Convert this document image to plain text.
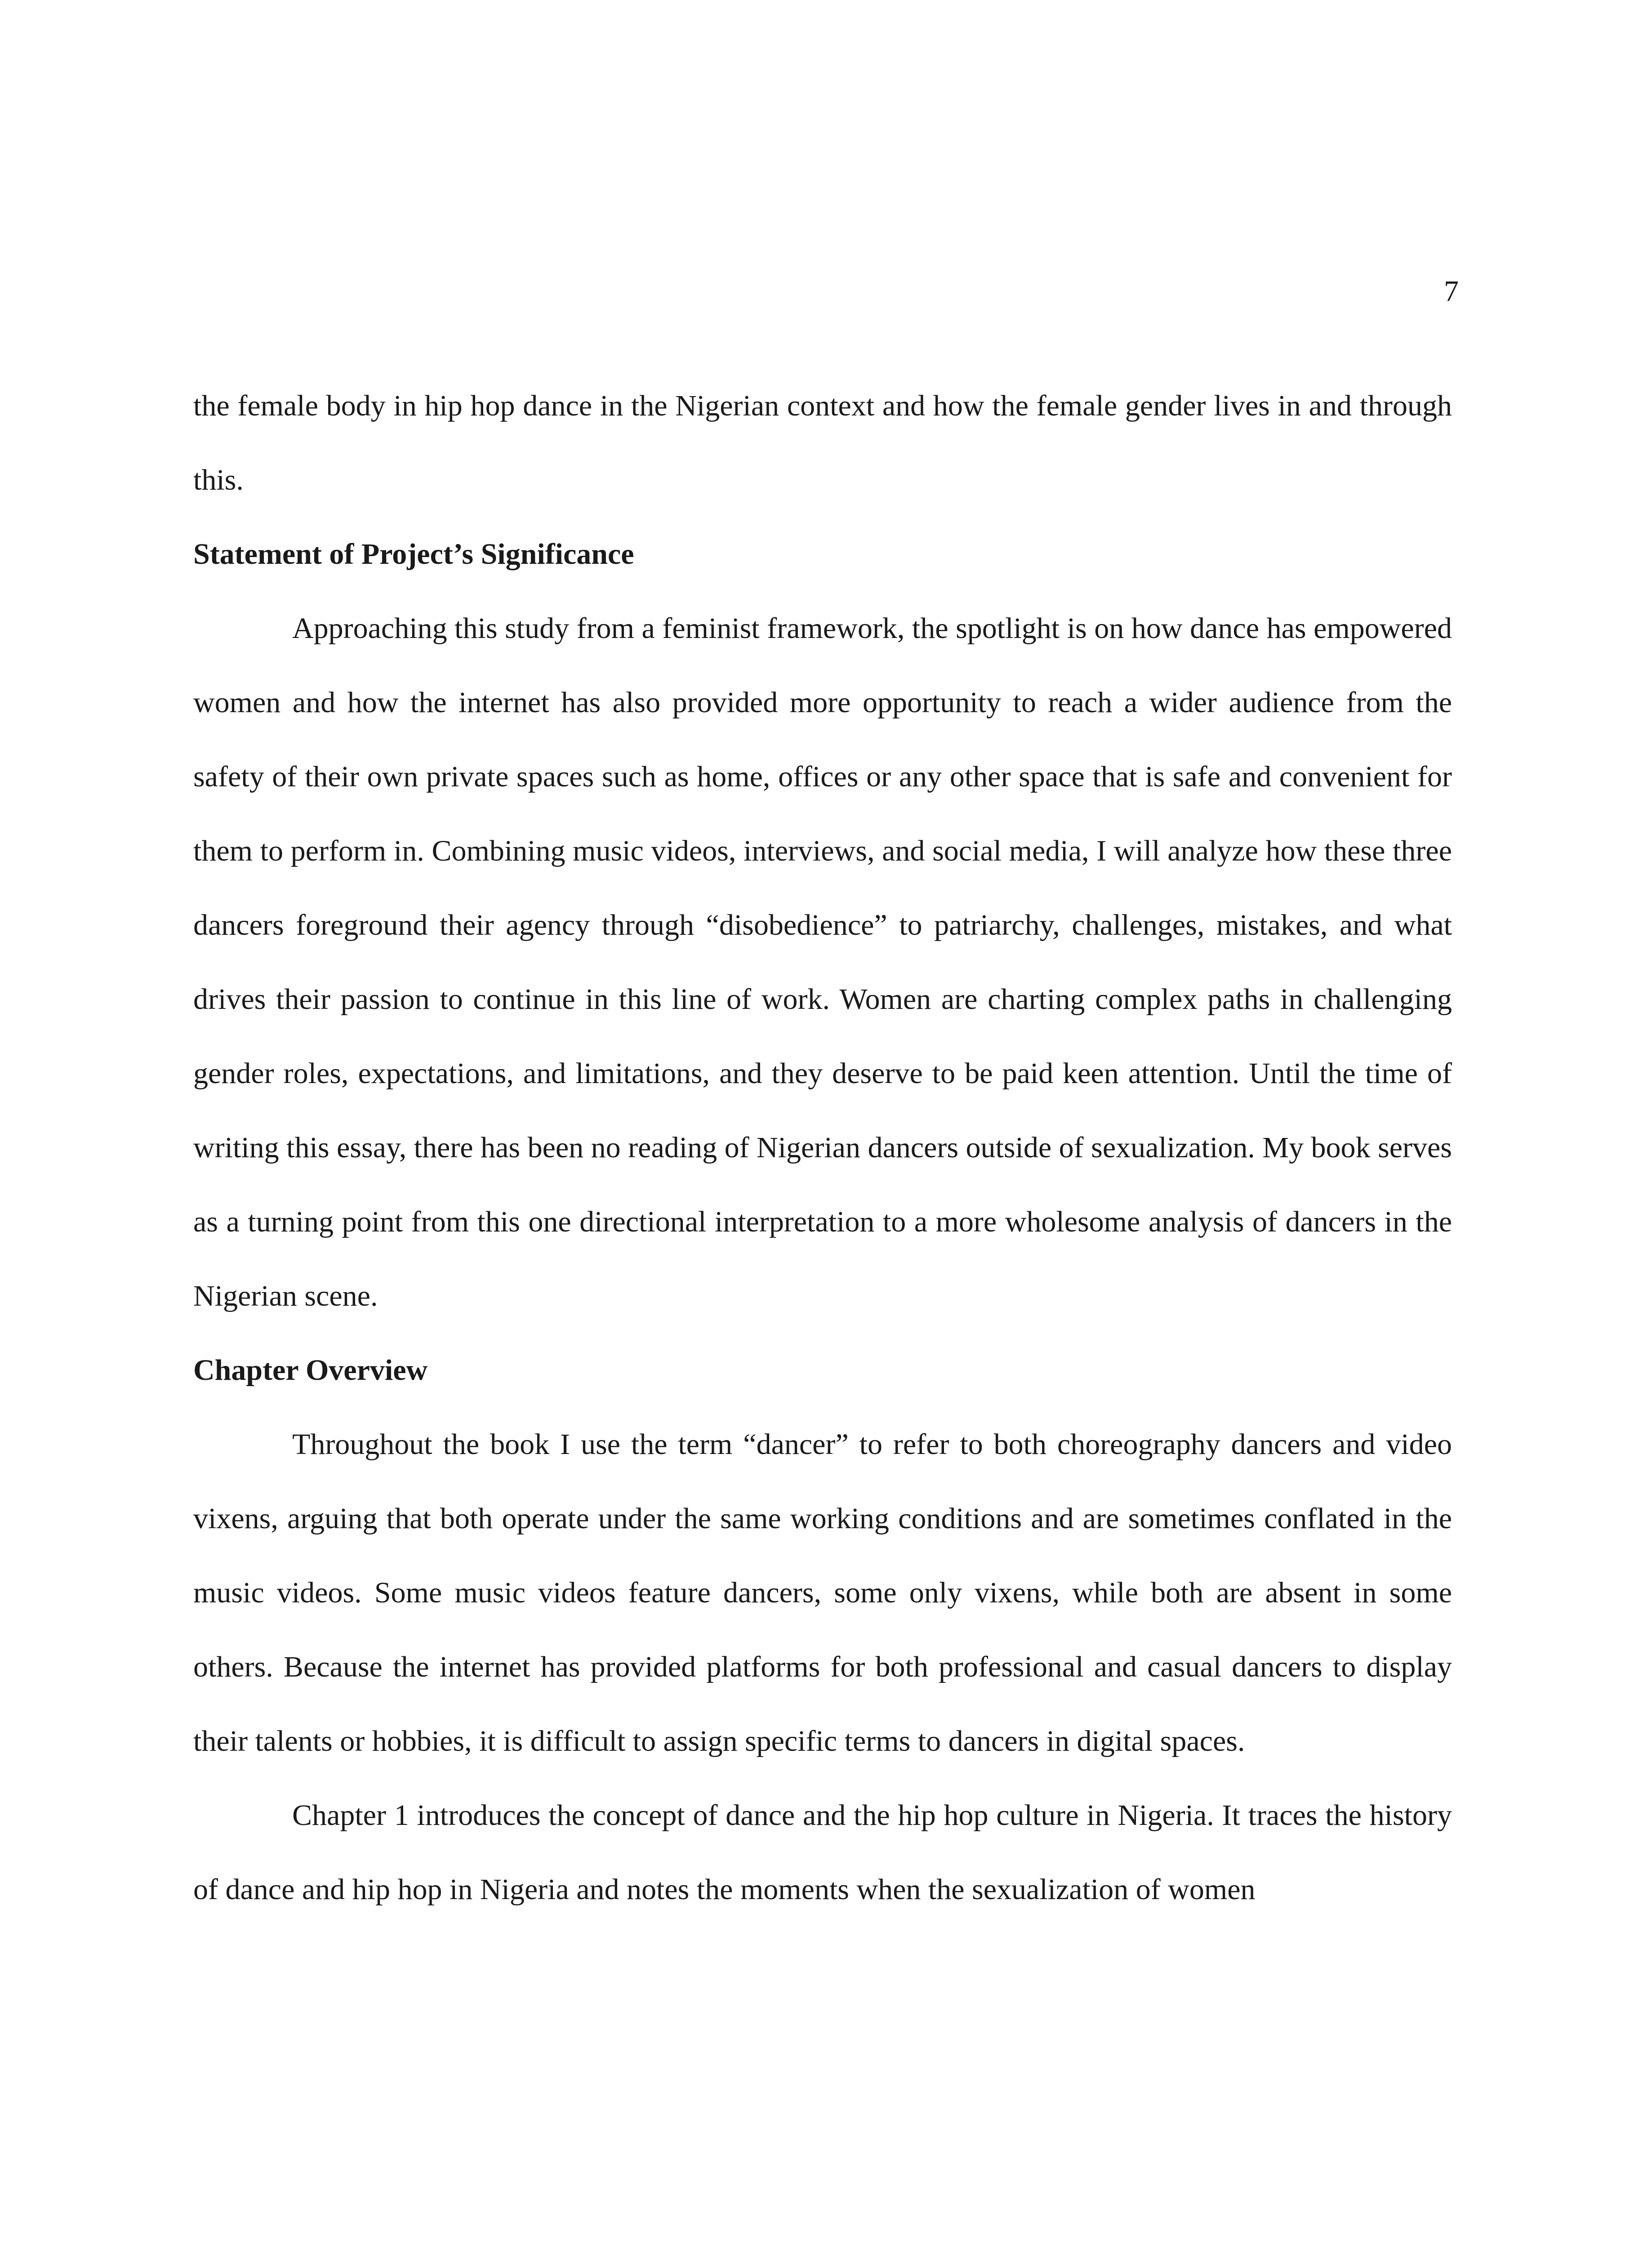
7

the female body in hip hop dance in the Nigerian context and how the female gender lives in and through this.

Statement of Project’s Significance

Approaching this study from a feminist framework, the spotlight is on how dance has empowered women and how the internet has also provided more opportunity to reach a wider audience from the safety of their own private spaces such as home, offices or any other space that is safe and convenient for them to perform in. Combining music videos, interviews, and social media, I will analyze how these three dancers foreground their agency through “disobedience” to patriarchy, challenges, mistakes, and what drives their passion to continue in this line of work. Women are charting complex paths in challenging gender roles, expectations, and limitations, and they deserve to be paid keen attention. Until the time of writing this essay, there has been no reading of Nigerian dancers outside of sexualization. My book serves as a turning point from this one directional interpretation to a more wholesome analysis of dancers in the Nigerian scene.

Chapter Overview

Throughout the book I use the term “dancer” to refer to both choreography dancers and video vixens, arguing that both operate under the same working conditions and are sometimes conflated in the music videos. Some music videos feature dancers, some only vixens, while both are absent in some others. Because the internet has provided platforms for both professional and casual dancers to display their talents or hobbies, it is difficult to assign specific terms to dancers in digital spaces.

Chapter 1 introduces the concept of dance and the hip hop culture in Nigeria. It traces the history of dance and hip hop in Nigeria and notes the moments when the sexualization of women
